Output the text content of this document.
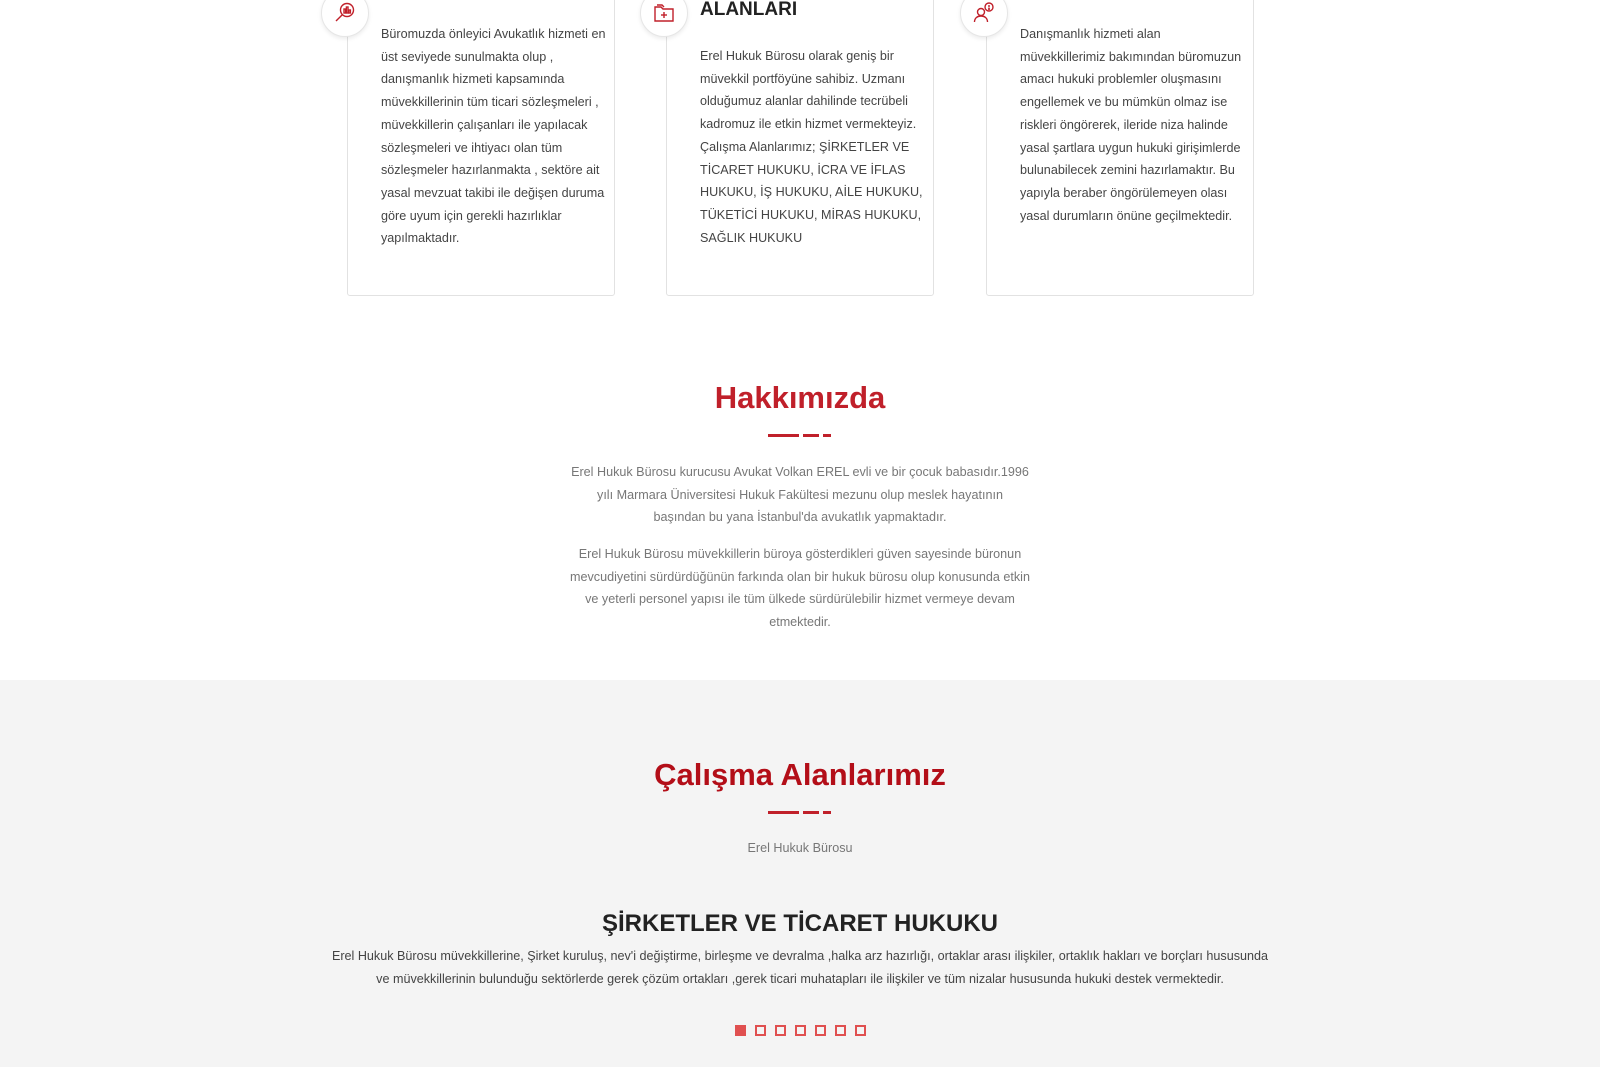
Büromuzda önleyici Avukatlık hizmeti en üst seviyede sunulmakta olup , danışmanlık hizmeti kapsamında müvekkillerinin tüm ticari sözleşmeleri , müvekkillerin çalışanları ile yapılacak sözleşmeleri ve ihtiyacı olan tüm sözleşmeler hazırlanmakta , sektöre ait yasal mevzuat takibi ile değişen duruma göre uyum için gerekli hazırlıklar yapılmaktadır.

ALANLARI

Erel Hukuk Bürosu olarak geniş bir müvekkil portföyüne sahibiz. Uzmanı olduğumuz alanlar dahilinde tecrübeli kadromuz ile etkin hizmet vermekteyiz. Çalışma Alanlarımız; ŞİRKETLER VE TİCARET HUKUKU, İCRA VE İFLAS HUKUKU, İŞ HUKUKU, AİLE HUKUKU, TÜKETİCİ HUKUKU, MİRAS HUKUKU, SAĞLIK HUKUKU

Danışmanlık hizmeti alan müvekkillerimiz bakımından büromuzun amacı hukuki problemler oluşmasını engellemek ve bu mümkün olmaz ise riskleri öngörerek, ileride niza halinde yasal şartlara uygun hukuki girişimlerde bulunabilecek zemini hazırlamaktır. Bu yapıyla beraber öngörülemeyen olası yasal durumların önüne geçilmektedir.

Hakkımızda

Erel Hukuk Bürosu kurucusu Avukat Volkan EREL evli ve bir çocuk babasıdır.1996 yılı Marmara Üniversitesi Hukuk Fakültesi mezunu olup meslek hayatının başından bu yana İstanbul'da avukatlık yapmaktadır.

Erel Hukuk Bürosu müvekkillerin büroya gösterdikleri güven sayesinde büronun mevcudiyetini sürdürdüğünün farkında olan bir hukuk bürosu olup konusunda etkin ve yeterli personel yapısı ile tüm ülkede sürdürülebilir hizmet vermeye devam etmektedir.

Çalışma Alanlarımız
Erel Hukuk Bürosu
ŞİRKETLER VE TİCARET HUKUKU
Erel Hukuk Bürosu müvekkillerine, Şirket kuruluş, nev'i değiştirme, birleşme ve devralma ,halka arz hazırlığı, ortaklar arası ilişkiler, ortaklık hakları ve borçları hususunda ve müvekkillerinin bulunduğu sektörlerde gerek çözüm ortakları ,gerek ticari muhatapları ile ilişkiler ve tüm nizalar hususunda hukuki destek vermektedir.
